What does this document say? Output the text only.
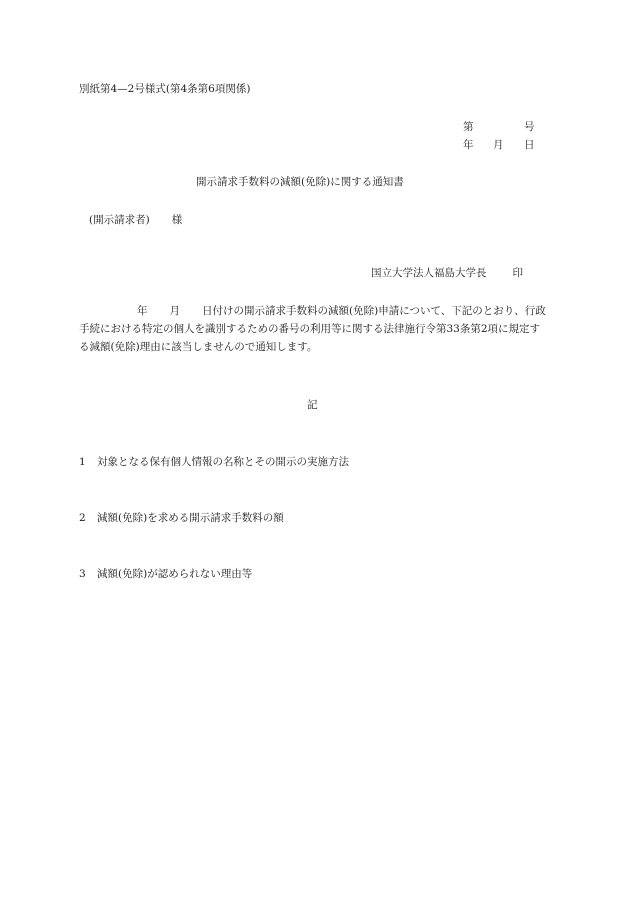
別紙第4—2号様式(第4条第6項関係)
第	号
年 月 日
開示請求手数料の減額(免除)に関する通知書
(開示請求者) 様
国立大学法人福島大学長 印
年 月 日付けの開示請求手数料の減額(免除)申請について、下記のとおり、行政手続における特定の個人を識別するための番号の利用等に関する法律施行令第33条第2項に規定する減額(免除)理由に該当しませんので通知します。
記
1 対象となる保有個人情報の名称とその開示の実施方法
2 減額(免除)を求める開示請求手数料の額
3 減額(免除)が認められない理由等
